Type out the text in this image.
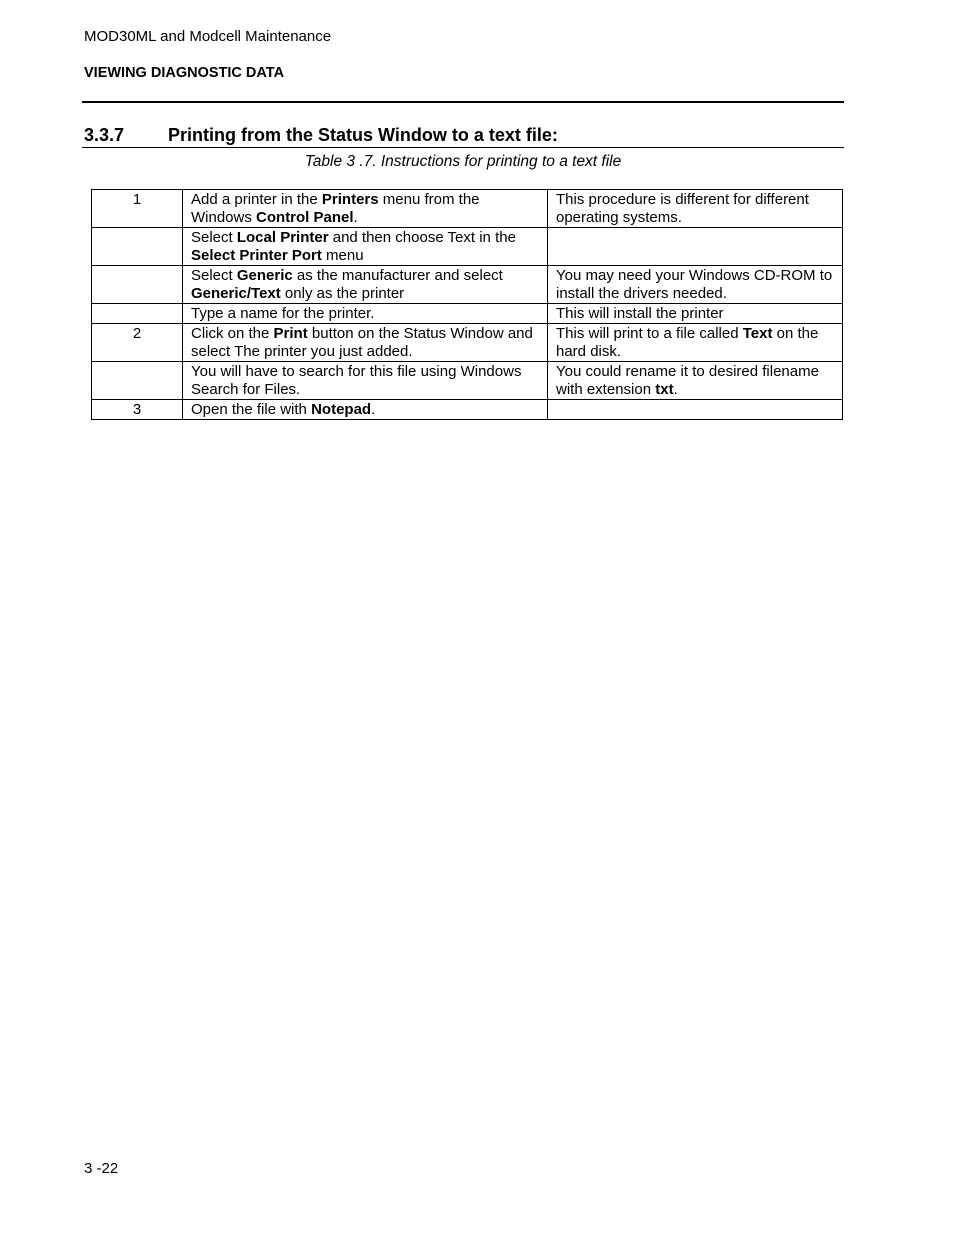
MOD30ML and Modcell Maintenance
VIEWING DIAGNOSTIC DATA
3.3.7 Printing from the Status Window to a text file:
Table 3 .7. Instructions for printing to a text file
1	Add a printer in the Printers menu from the Windows Control Panel.	This procedure is different for different operating systems.
	Select Local Printer and then choose Text in the Select Printer Port menu	
	Select Generic as the manufacturer and select Generic/Text only as the printer	You may need your Windows CD-ROM to install the drivers needed.
	Type a name for the printer.	This will install the printer
2	Click on the Print button on the Status Window and select The printer you just added.	This will print to a file called Text on the hard disk.
	You will have to search for this file using Windows Search for Files.	You could rename it to desired filename with extension txt.
3	Open the file with Notepad.	
3 -22
